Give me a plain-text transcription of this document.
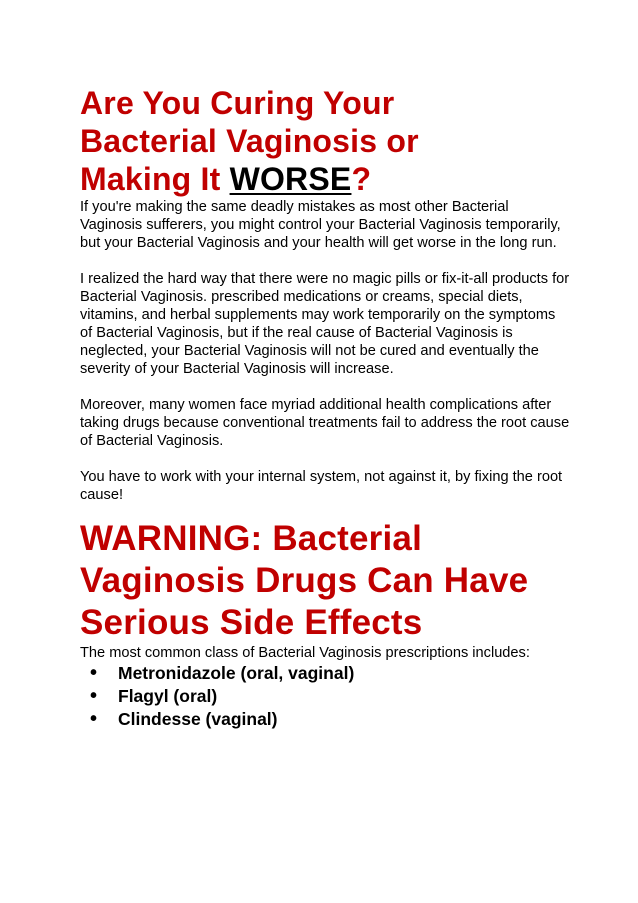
Are You Curing Your
Bacterial Vaginosis or
Making It WORSE?

If you're making the same deadly mistakes as most other Bacterial Vaginosis sufferers, you might control your Bacterial Vaginosis temporarily, but your Bacterial Vaginosis and your health will get worse in the long run.

I realized the hard way that there were no magic pills or fix-it-all products for Bacterial Vaginosis. prescribed medications or creams, special diets, vitamins, and herbal supplements may work temporarily on the symptoms of Bacterial Vaginosis, but if the real cause of Bacterial Vaginosis is neglected, your Bacterial Vaginosis will not be cured and eventually the severity of your Bacterial Vaginosis will increase.

Moreover, many women face myriad additional health complications after taking drugs because conventional treatments fail to address the root cause of Bacterial Vaginosis.

You have to work with your internal system, not against it, by fixing the root cause!

WARNING: Bacterial
Vaginosis Drugs Can Have
Serious Side Effects

The most common class of Bacterial Vaginosis prescriptions includes:

•	Metronidazole (oral, vaginal)
•	Flagyl (oral)
•	Clindesse (vaginal)
